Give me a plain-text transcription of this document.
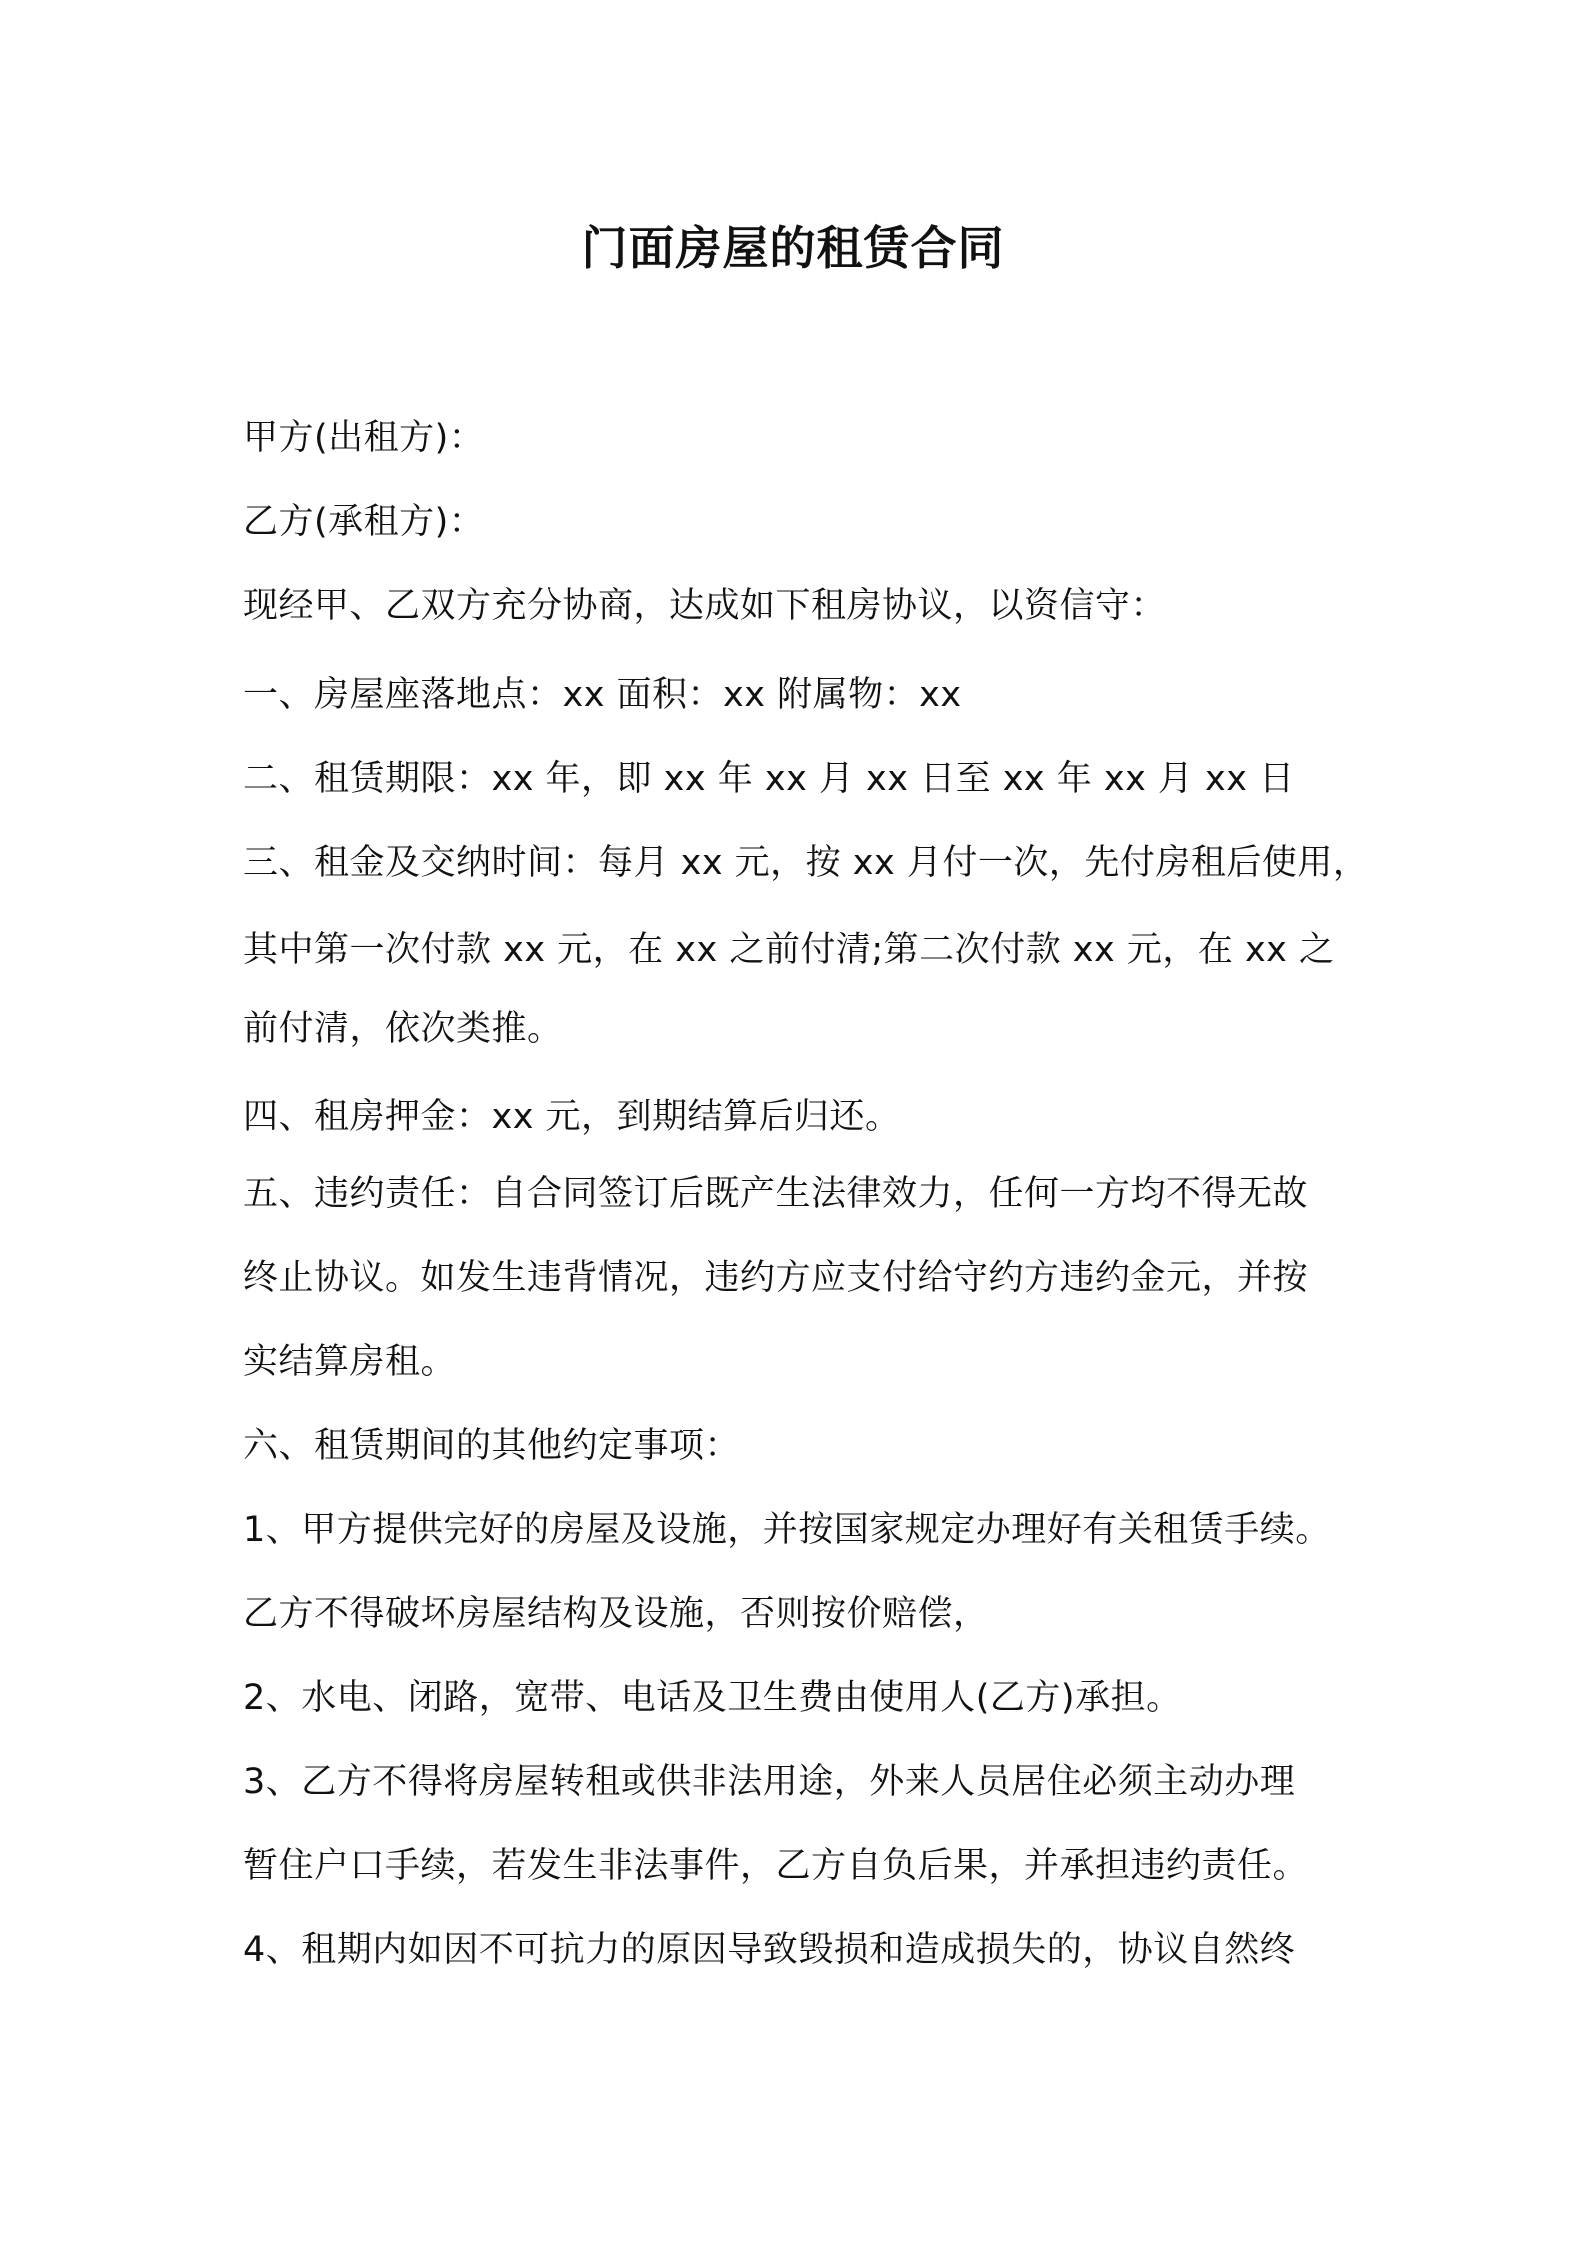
门面房屋的租赁合同
甲方(出租方)：
乙方(承租方)：
现经甲、乙双方充分协商，达成如下租房协议，以资信守：
一、房屋座落地点：xx 面积：xx 附属物：xx
二、租赁期限：xx 年，即 xx 年 xx 月 xx 日至 xx 年 xx 月 xx 日
三、租金及交纳时间：每月 xx 元，按 xx 月付一次，先付房租后使用，
其中第一次付款 xx 元，在 xx 之前付清;第二次付款 xx 元，在 xx 之
前付清，依次类推。
四、租房押金：xx 元，到期结算后归还。
五、违约责任：自合同签订后既产生法律效力，任何一方均不得无故
终止协议。如发生违背情况，违约方应支付给守约方违约金元，并按
实结算房租。
六、租赁期间的其他约定事项：
1、甲方提供完好的房屋及设施，并按国家规定办理好有关租赁手续。
乙方不得破坏房屋结构及设施，否则按价赔偿，
2、水电、闭路，宽带、电话及卫生费由使用人(乙方)承担。
3、乙方不得将房屋转租或供非法用途，外来人员居住必须主动办理
暂住户口手续，若发生非法事件，乙方自负后果，并承担违约责任。
4、租期内如因不可抗力的原因导致毁损和造成损失的，协议自然终
